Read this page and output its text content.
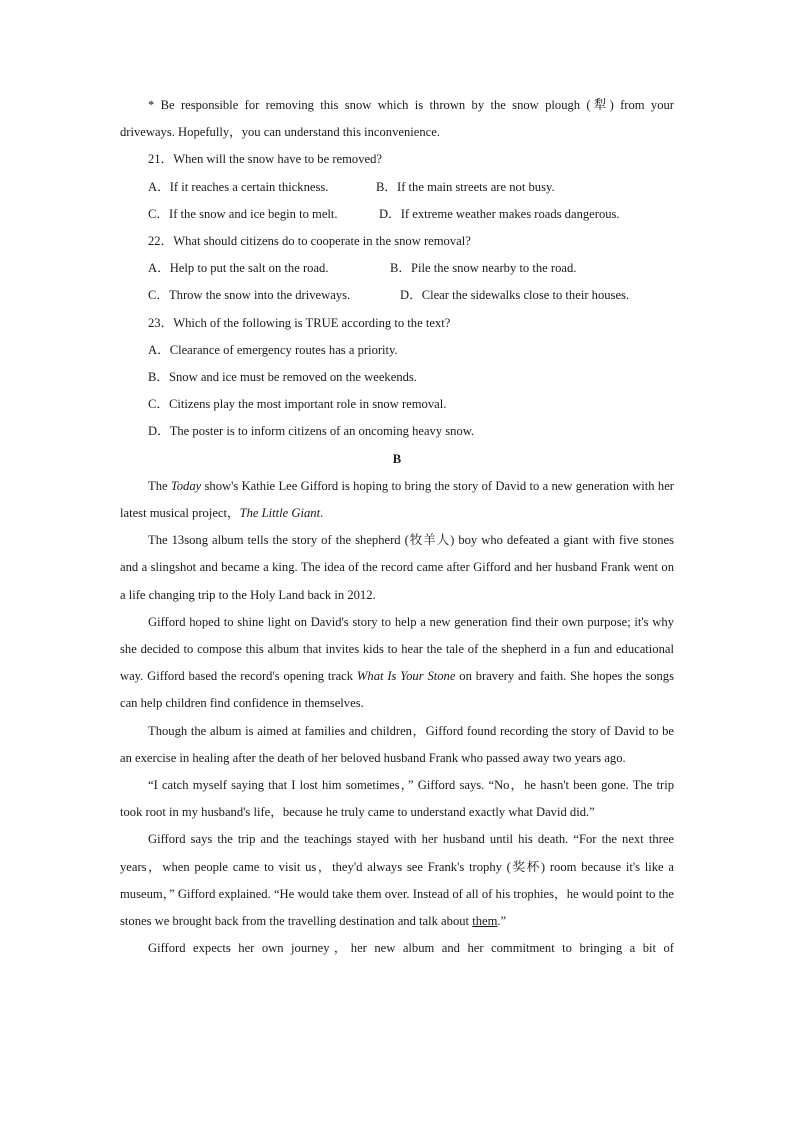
* Be responsible for removing this snow which is thrown by the snow plough (犁) from your

driveways. Hopefully，you can understand this inconvenience.

21．When will the snow have to be removed?

A．If it reaches a certain thickness.	B．If the main streets are not busy.
C．If the snow and ice begin to melt.	D．If extreme weather makes roads dangerous.

22．What should citizens do to cooperate in the snow removal?

A．Help to put the salt on the road.	B．Pile the snow nearby to the road.
C．Throw the snow into the driveways.	D．Clear the sidewalks close to their houses.

23．Which of the following is TRUE according to the text?

A．Clearance of emergency routes has a priority.

B．Snow and ice must be removed on the weekends.

C．Citizens play the most important role in snow removal.

D．The poster is to inform citizens of an oncoming heavy snow.

B

The Today show's Kathie Lee Gifford is hoping to bring the story of David to a new generation with her latest musical project，The Little Giant.

The 13song album tells the story of the shepherd (牧羊人) boy who defeated a giant with five stones and a slingshot and became a king. The idea of the record came after Gifford and her husband Frank went on a life changing trip to the Holy Land back in 2012.

Gifford hoped to shine light on David's story to help a new generation find their own purpose; it's why she decided to compose this album that invites kids to hear the tale of the shepherd in a fun and educational way. Gifford based the record's opening track What Is Your Stone on bravery and faith. She hopes the songs can help children find confidence in themselves.

Though the album is aimed at families and children，Gifford found recording the story of David to be an exercise in healing after the death of her beloved husband Frank who passed away two years ago.

“I catch myself saying that I lost him sometimes，” Gifford says. “No，he hasn't been gone. The trip took root in my husband's life，because he truly came to understand exactly what David did.”

Gifford says the trip and the teachings stayed with her husband until his death. “For the next three years，when people came to visit us，they'd always see Frank's trophy (奖杯) room because it's like a museum，” Gifford explained. “He would take them over. Instead of all of his trophies，he would point to the stones we brought back from the travelling destination and talk about them.”

Gifford expects her own journey，her new album and her commitment to bringing a bit of
